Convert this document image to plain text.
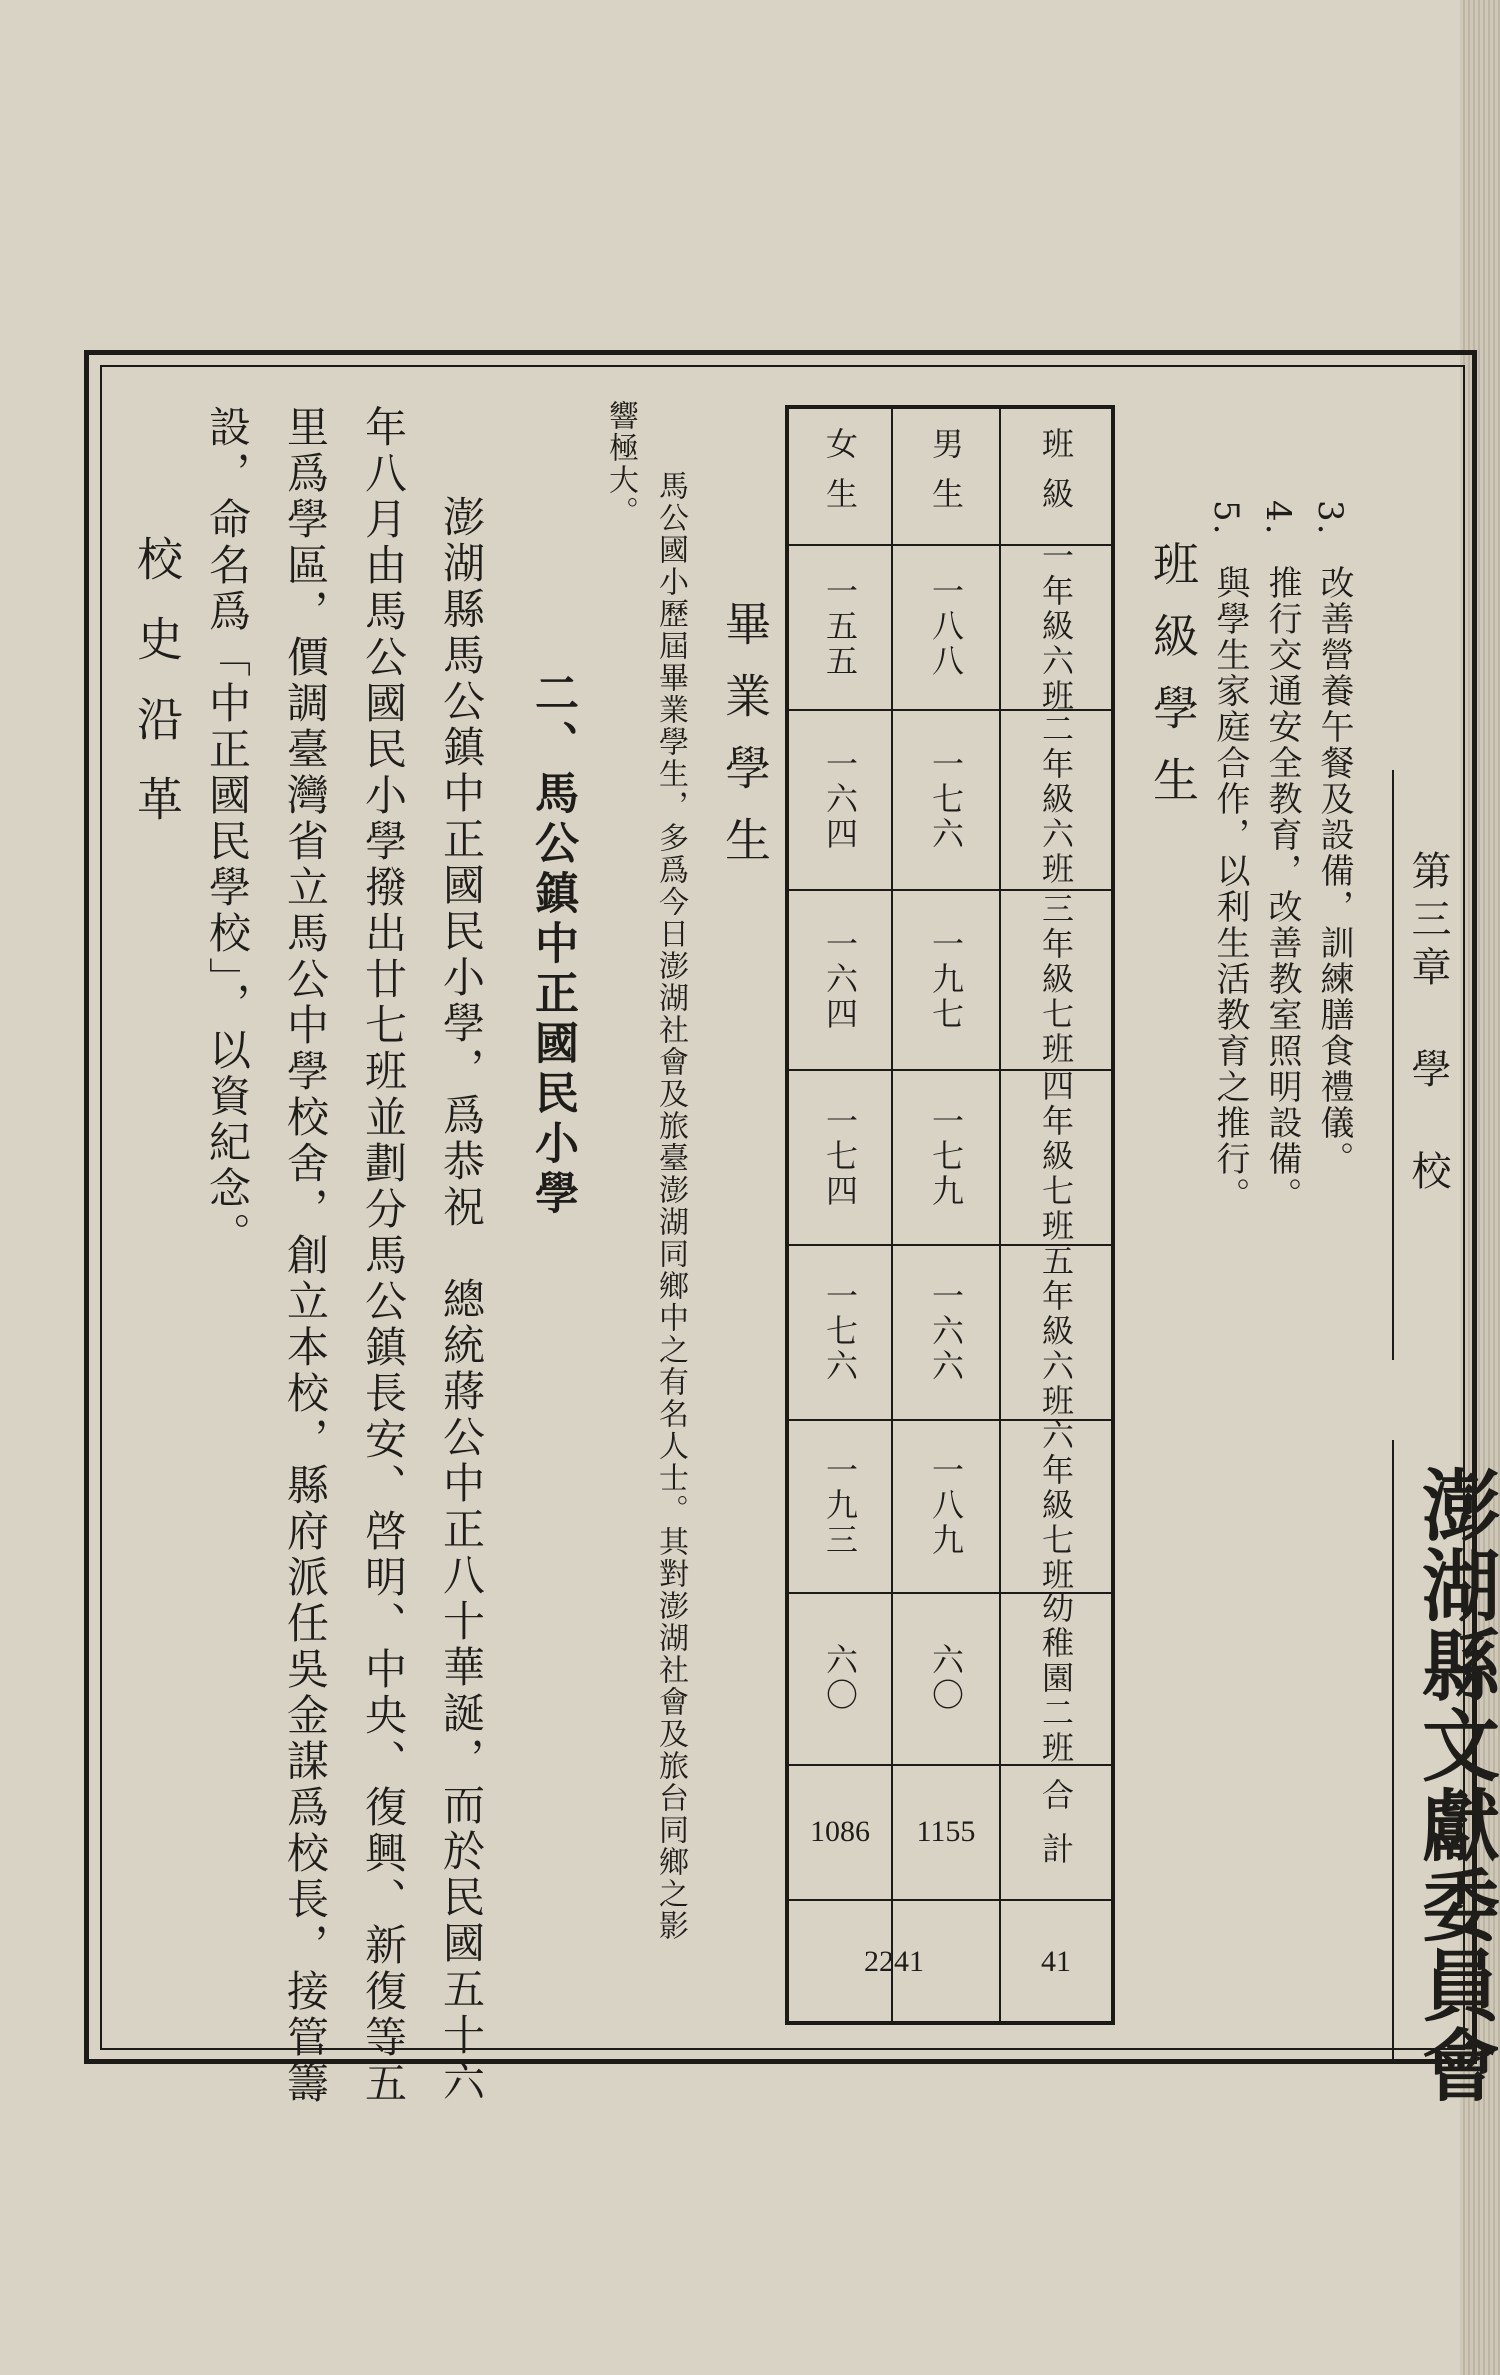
第三章 學 校
澎湖縣文獻委員會
3.
改善營養午餐及設備，訓練膳食禮儀。
4.
推行交通安全教育，改善教室照明設備。
5.
與學生家庭合作，以利生活教育之推行。
班級學生
班級
男生
女生
一年級六班
一八八
一五五
二年級六班
一七六
一六四
三年級七班
一九七
一六四
四年級七班
一七九
一七四
五年級六班
一六六
一七六
六年級七班
一八九
一九三
幼稚園二班
六〇
六〇
合計
1155
1086
41
2241
畢業學生
馬公國小歷屆畢業學生，多爲今日澎湖社會及旅臺澎湖同鄉中之有名人士。其對澎湖社會及旅台同鄉之影
響極大。
二、馬公鎮中正國民小學
澎湖縣馬公鎮中正國民小學，爲恭祝　總統蔣公中正八十華誕，而於民國五十六
年八月由馬公國民小學撥出廿七班並劃分馬公鎮長安、啓明、中央、復興、新復等五
里爲學區，價調臺灣省立馬公中學校舍，創立本校，縣府派任吳金謀爲校長，接管籌
設，命名爲「中正國民學校」，以資紀念。
校史沿革
